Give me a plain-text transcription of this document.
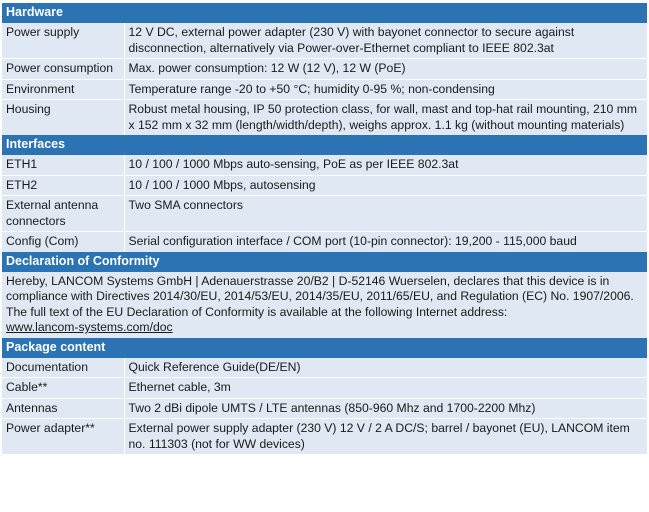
Hardware	
Power supply	12 V DC, external power adapter (230 V) with bayonet connector to secure against disconnection, alternatively via Power-over-Ethernet compliant to IEEE 802.3at
Power consumption	Max. power consumption: 12 W (12 V), 12 W (PoE)
Environment	Temperature range -20 to +50 °C; humidity 0-95 %; non-condensing
Housing	Robust metal housing, IP 50 protection class, for wall, mast and top-hat rail mounting, 210 mm x 152 mm x 32 mm (length/width/depth), weighs approx. 1.1 kg (without mounting materials)
Interfaces	
ETH1	10 / 100 / 1000 Mbps auto-sensing, PoE as per IEEE 802.3at
ETH2	10 / 100 / 1000 Mbps, autosensing
External antenna connectors	Two SMA connectors
Config (Com)	Serial configuration interface / COM port (10-pin connector): 19,200 - 115,000 baud
Declaration of Conformity	
Hereby, LANCOM Systems GmbH | Adenauerstrasse 20/B2 | D-52146 Wuerselen, declares that this device is in compliance with Directives 2014/30/EU, 2014/53/EU, 2014/35/EU, 2011/65/EU, and Regulation (EC) No. 1907/2006. The full text of the EU Declaration of Conformity is available at the following Internet address:
www.lancom-systems.com/doc	
Package content	
Documentation	Quick Reference Guide(DE/EN)
Cable**	Ethernet cable, 3m
Antennas	Two 2 dBi dipole UMTS / LTE antennas (850-960 Mhz and 1700-2200 Mhz)
Power adapter**	External power supply adapter (230 V) 12 V / 2 A DC/S; barrel / bayonet (EU), LANCOM item no. 111303 (not for WW devices)
